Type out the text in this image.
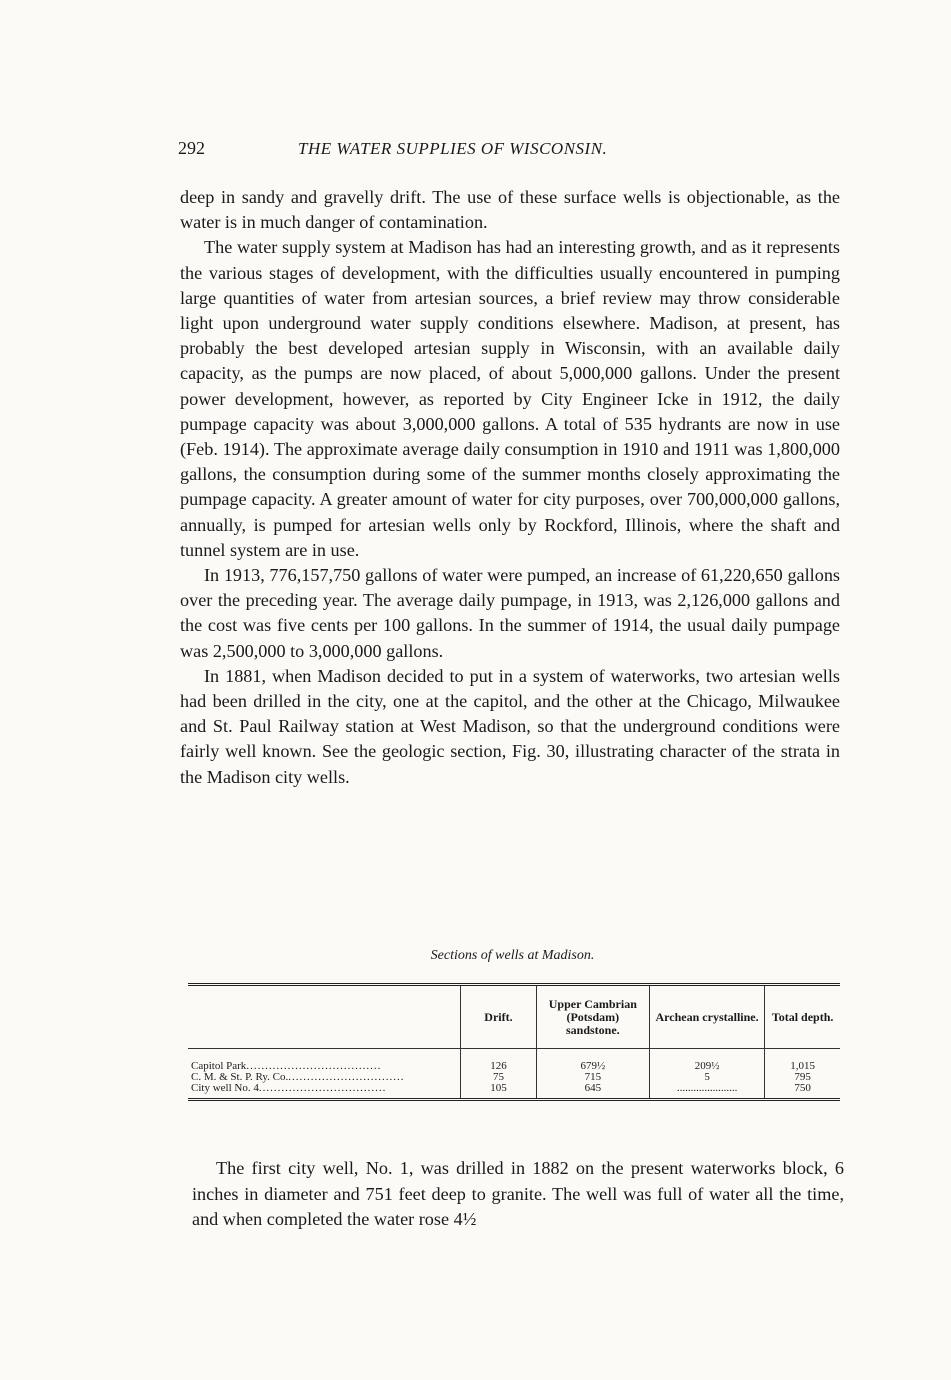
292	THE WATER SUPPLIES OF WISCONSIN.

deep in sandy and gravelly drift. The use of these surface wells is objectionable, as the water is in much danger of contamination.

The water supply system at Madison has had an interesting growth, and as it represents the various stages of development, with the difficulties usually encountered in pumping large quantities of water from artesian sources, a brief review may throw considerable light upon underground water supply conditions elsewhere. Madison, at present, has probably the best developed artesian supply in Wisconsin, with an available daily capacity, as the pumps are now placed, of about 5,000,000 gallons. Under the present power development, however, as reported by City Engineer Icke in 1912, the daily pumpage capacity was about 3,000,000 gallons. A total of 535 hydrants are now in use (Feb. 1914). The approximate average daily consumption in 1910 and 1911 was 1,800,000 gallons, the consumption during some of the summer months closely approximating the pumpage capacity. A greater amount of water for city purposes, over 700,000,000 gallons, annually, is pumped for artesian wells only by Rockford, Illinois, where the shaft and tunnel system are in use.

In 1913, 776,157,750 gallons of water were pumped, an increase of 61,220,650 gallons over the preceding year. The average daily pumpage, in 1913, was 2,126,000 gallons and the cost was five cents per 100 gallons. In the summer of 1914, the usual daily pumpage was 2,500,000 to 3,000,000 gallons.

In 1881, when Madison decided to put in a system of waterworks, two artesian wells had been drilled in the city, one at the capitol, and the other at the Chicago, Milwaukee and St. Paul Railway station at West Madison, so that the underground conditions were fairly well known. See the geologic section, Fig. 30, illustrating character of the strata in the Madison city wells.

Sections of wells at Madison.
	Drift.	Upper Cambrian (Potsdam) sandstone.	Archean crystalline.	Total depth.
Capitol Park....................................	126	679½	209½	1,015
C. M. & St. P. Ry. Co................................	75	715	5	795
City well No. 4..................................	105	645	......................	750

The first city well, No. 1, was drilled in 1882 on the present waterworks block, 6 inches in diameter and 751 feet deep to granite. The well was full of water all the time, and when completed the water rose 4½
